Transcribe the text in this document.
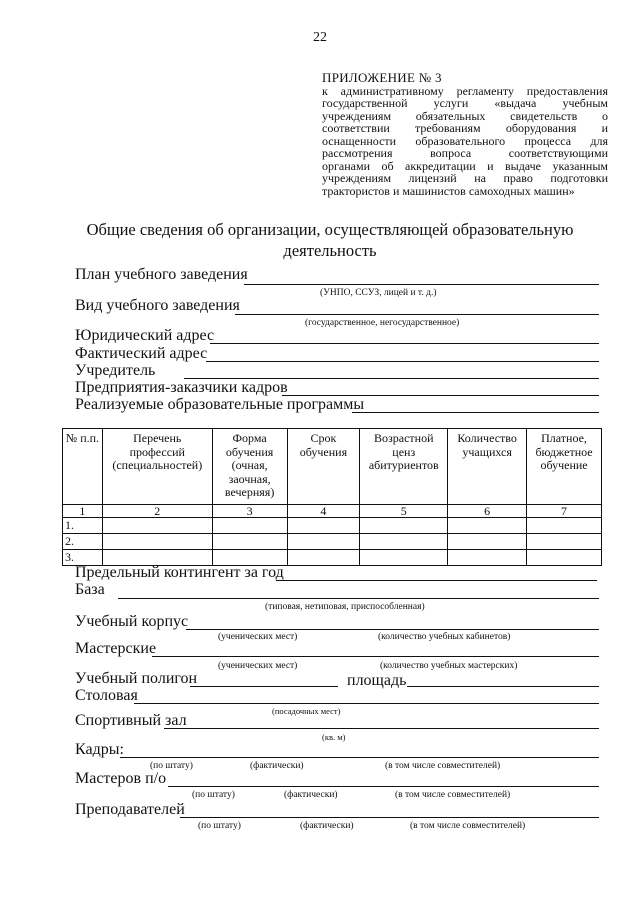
22
ПРИЛОЖЕНИЕ № 3
к административному регламенту предоставления
государственной услуги «выдача учебным
учреждениям обязательных свидетельств о
соответствии требованиям оборудования и
оснащенности образовательного процесса для
рассмотрения вопроса соответствующими
органами об аккредитации и выдаче указанным
учреждениям лицензий на право подготовки
трактористов и машинистов самоходных машин»
Общие сведения об организации, осуществляющей образовательную
деятельность
План учебного заведения
(УНПО, ССУЗ, лицей и т. д.)
Вид учебного заведения
(государственное, негосударственное)
Юридический адрес
Фактический адрес
Учредитель
Предприятия-заказчики кадров
Реализуемые образовательные программы
№ п.п.	Перечень профессий (специальностей)	Форма обучения (очная, заочная, вечерняя)	Срок обучения	Возрастной ценз абитуриентов	Количество учащихся	Платное, бюджетное обучение
1	2	3	4	5	6	7
1.						
2.						
3.						
Предельный контингент за год
База
(типовая, нетиповая, приспособленная)
Учебный корпус
(ученических мест)	(количество учебных кабинетов)
Мастерские
(ученических мест)	(количество учебных мастерских)
Учебный полигон	площадь
Столовая
(посадочных мест)
Спортивный зал
(кв. м)
Кадры:
(по штату)	(фактически)	(в том числе совместителей)
Мастеров п/о
(по штату)	(фактически)	(в том числе совместителей)
Преподавателей
(по штату)	(фактически)	(в том числе совместителей)
